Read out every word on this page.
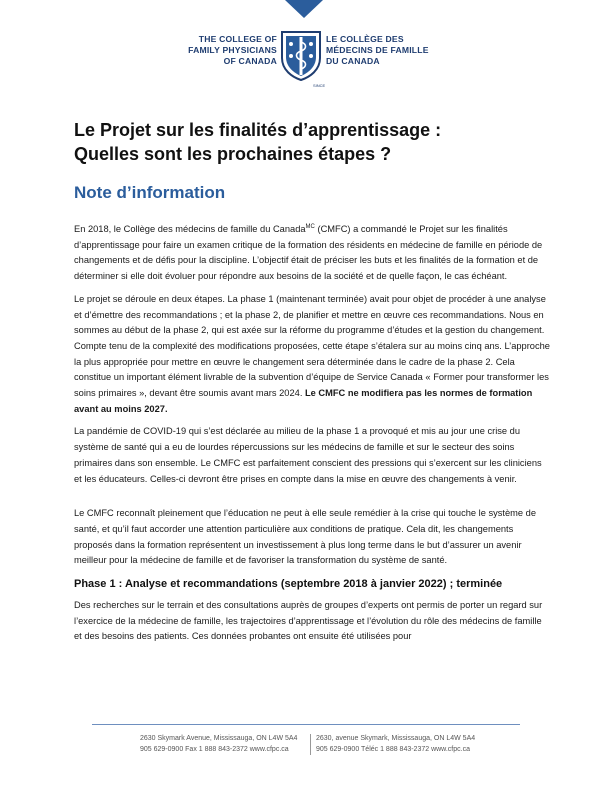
THE COLLEGE OF
FAMILY PHYSICIANS
OF CANADA
LE COLLÈGE DES
MÉDECINS DE FAMILLE
DU CANADA
SINCE
Le Projet sur les finalités d’apprentissage :
Quelles sont les prochaines étapes ?
Note d’information

En 2018, le Collège des médecins de famille du Canada$^{MC}$ (CMFC) a commandé le Projet sur les finalités d’apprentissage pour faire un examen critique de la formation des résidents en médecine de famille en période de changements et de défis pour la discipline. L’objectif était de préciser les buts et les finalités de la formation et de déterminer si elle doit évoluer pour répondre aux besoins de la société et de quelle façon, le cas échéant.

Le projet se déroule en deux étapes. La phase 1 (maintenant terminée) avait pour objet de procéder à une analyse et d’émettre des recommandations ; et la phase 2, de planifier et mettre en œuvre ces recommandations. Nous en sommes au début de la phase 2, qui est axée sur la réforme du programme d’études et la gestion du changement. Compte tenu de la complexité des modifications proposées, cette étape s’étalera sur au moins cinq ans. L’approche la plus appropriée pour mettre en œuvre le changement sera déterminée dans le cadre de la phase 2. Cela constitue un important élément livrable de la subvention d’équipe de Service Canada « Former pour transformer les soins primaires », devant être soumis avant mars 2024. Le CMFC ne modifiera pas les normes de formation avant au moins 2027.

La pandémie de COVID-19 qui s’est déclarée au milieu de la phase 1 a provoqué et mis au jour une crise du système de santé qui a eu de lourdes répercussions sur les médecins de famille et sur le secteur des soins primaires dans son ensemble. Le CMFC est parfaitement conscient des pressions qui s’exercent sur les cliniciens et les éducateurs. Celles-ci devront être prises en compte dans la mise en œuvre des changements à venir.

Le CMFC reconnaît pleinement que l’éducation ne peut à elle seule remédier à la crise qui touche le système de santé, et qu’il faut accorder une attention particulière aux conditions de pratique. Cela dit, les changements proposés dans la formation représentent un investissement à plus long terme dans le but d’assurer un avenir meilleur pour la médecine de famille et de favoriser la transformation du système de santé.

Phase 1 : Analyse et recommandations (septembre 2018 à janvier 2022) ; terminée

Des recherches sur le terrain et des consultations auprès de groupes d’experts ont permis de porter un regard sur l’exercice de la médecine de famille, les trajectoires d’apprentissage et l’évolution du rôle des médecins de famille et des besoins des patients. Ces données probantes ont ensuite été utilisées pour

2630 Skymark Avenue, Mississauga, ON L4W 5A4
905 629-0900 Fax 1 888 843-2372 www.cfpc.ca
2630, avenue Skymark, Mississauga, ON L4W 5A4
905 629-0900 Téléc 1 888 843-2372 www.cfpc.ca
